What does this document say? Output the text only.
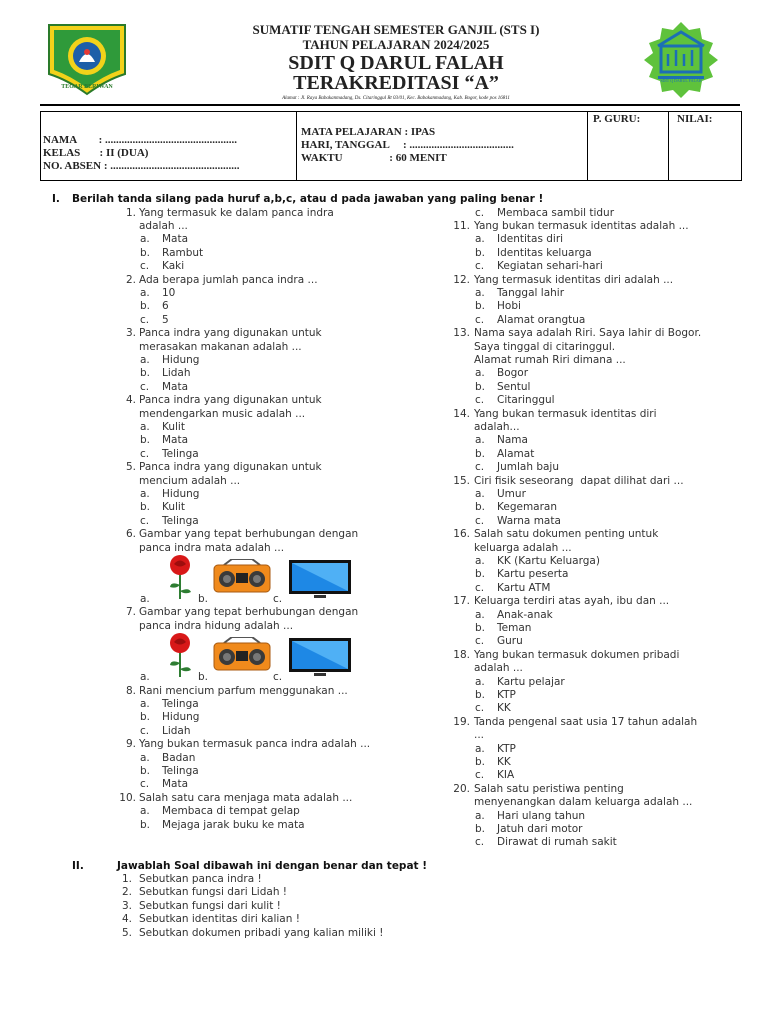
TEGAR BERIWAN
SDIT Q DARUL FALAH
SUMATIF TENGAH SEMESTER GANJIL (STS I)
TAHUN PELAJARAN 2024/2025
SDIT Q DARUL FALAH
TERAKREDITASI “A”
Alamat : Jl. Raya Babakanmadang, Ds. Citaringgul Rt 03/01, Kec. Babakanmadang, Kab. Bogor, kode pos 16811
NAMA        : ................................................
KELAS       : II (DUA)
NO. ABSEN : ...............................................
MATA PELAJARAN : IPAS
HARI, TANGGAL     : ......................................
WAKTU                 : 60 MENIT
P. GURU:	NILAI:
I. Berilah tanda silang pada huruf a,b,c, atau d pada jawaban yang paling benar !
1. Yang termasuk ke dalam panca indra
adalah ...
a. Mata
b. Rambut
c. Kaki
2. Ada berapa jumlah panca indra ...
a. 10
b. 6
c. 5
3. Panca indra yang digunakan untuk
merasakan makanan adalah ...
a. Hidung
b. Lidah
c. Mata
4. Panca indra yang digunakan untuk
mendengarkan music adalah ...
a. Kulit
b. Mata
c. Telinga
5. Panca indra yang digunakan untuk
mencium adalah ...
a. Hidung
b. Kulit
c. Telinga
6. Gambar yang tepat berhubungan dengan
panca indra mata adalah ...
a.	b.	c.
7. Gambar yang tepat berhubungan dengan
panca indra hidung adalah ...
a.	b.	c.
8. Rani mencium parfum menggunakan ...
a. Telinga
b. Hidung
c. Lidah
9. Yang bukan termasuk panca indra adalah ...
a. Badan
b. Telinga
c. Mata
10. Salah satu cara menjaga mata adalah ...
a. Membaca di tempat gelap
b. Mejaga jarak buku ke mata
c. Membaca sambil tidur
11. Yang bukan termasuk identitas adalah ...
a. Identitas diri
b. Identitas keluarga
c. Kegiatan sehari-hari
12. Yang termasuk identitas diri adalah ...
a. Tanggal lahir
b. Hobi
c. Alamat orangtua
13. Nama saya adalah Riri. Saya lahir di Bogor.
Saya tinggal di citaringgul.
Alamat rumah Riri dimana ...
a. Bogor
b. Sentul
c. Citaringgul
14. Yang bukan termasuk identitas diri
adalah...
a. Nama
b. Alamat
c. Jumlah baju
15. Ciri fisik seseorang  dapat dilihat dari ...
a. Umur
b. Kegemaran
c. Warna mata
16. Salah satu dokumen penting untuk
keluarga adalah ...
a. KK (Kartu Keluarga)
b. Kartu peserta
c. Kartu ATM
17. Keluarga terdiri atas ayah, ibu dan ...
a. Anak-anak
b. Teman
c. Guru
18. Yang bukan termasuk dokumen pribadi
adalah ...
a. Kartu pelajar
b. KTP
c. KK
19. Tanda pengenal saat usia 17 tahun adalah
...
a. KTP
b. KK
c. KIA
20. Salah satu peristiwa penting
menyenangkan dalam keluarga adalah ...
a. Hari ulang tahun
b. Jatuh dari motor
c. Dirawat di rumah sakit
II.	Jawablah Soal dibawah ini dengan benar dan tepat !
1. Sebutkan panca indra !
2. Sebutkan fungsi dari Lidah !
3. Sebutkan fungsi dari kulit !
4. Sebutkan identitas diri kalian !
5. Sebutkan dokumen pribadi yang kalian miliki !
